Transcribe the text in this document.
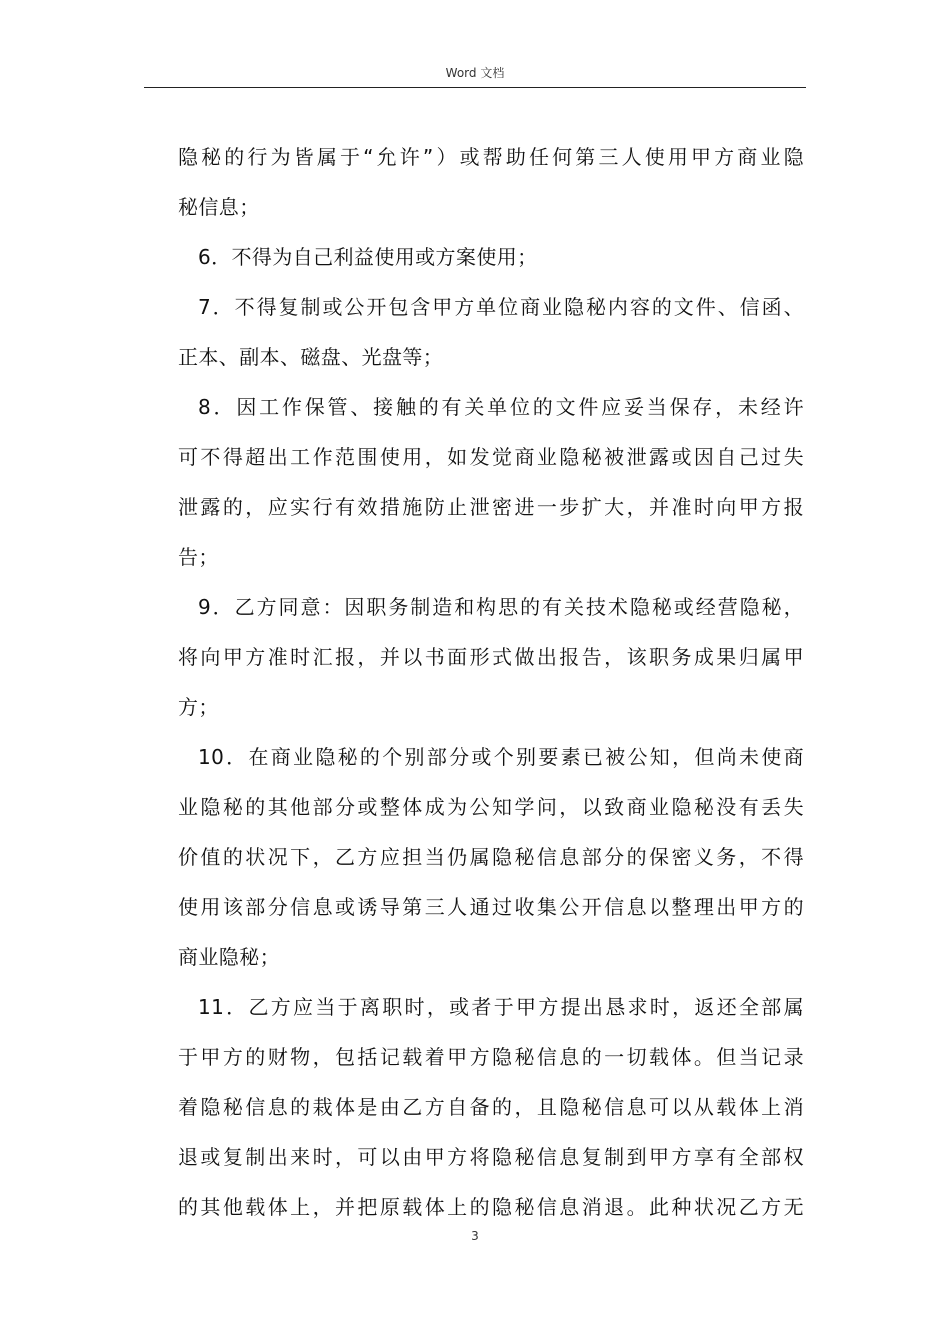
Word 文档
隐秘的行为皆属于“允许”）或帮助任何第三人使用甲方商业隐
秘信息；
6．不得为自己利益使用或方案使用；
7．不得复制或公开包含甲方单位商业隐秘内容的文件、信函、
正本、副本、磁盘、光盘等；
8．因工作保管、接触的有关单位的文件应妥当保存，未经许
可不得超出工作范围使用，如发觉商业隐秘被泄露或因自己过失
泄露的，应实行有效措施防止泄密进一步扩大，并准时向甲方报
告；
9．乙方同意：因职务制造和构思的有关技术隐秘或经营隐秘，
将向甲方准时汇报，并以书面形式做出报告，该职务成果归属甲
方；
10．在商业隐秘的个别部分或个别要素已被公知，但尚未使商
业隐秘的其他部分或整体成为公知学问，以致商业隐秘没有丢失
价值的状况下，乙方应担当仍属隐秘信息部分的保密义务，不得
使用该部分信息或诱导第三人通过收集公开信息以整理出甲方的
商业隐秘；
11．乙方应当于离职时，或者于甲方提出恳求时，返还全部属
于甲方的财物，包括记载着甲方隐秘信息的一切载体。但当记录
着隐秘信息的栽体是由乙方自备的，且隐秘信息可以从载体上消
退或复制出来时，可以由甲方将隐秘信息复制到甲方享有全部权
的其他载体上，并把原载体上的隐秘信息消退。此种状况乙方无
3
